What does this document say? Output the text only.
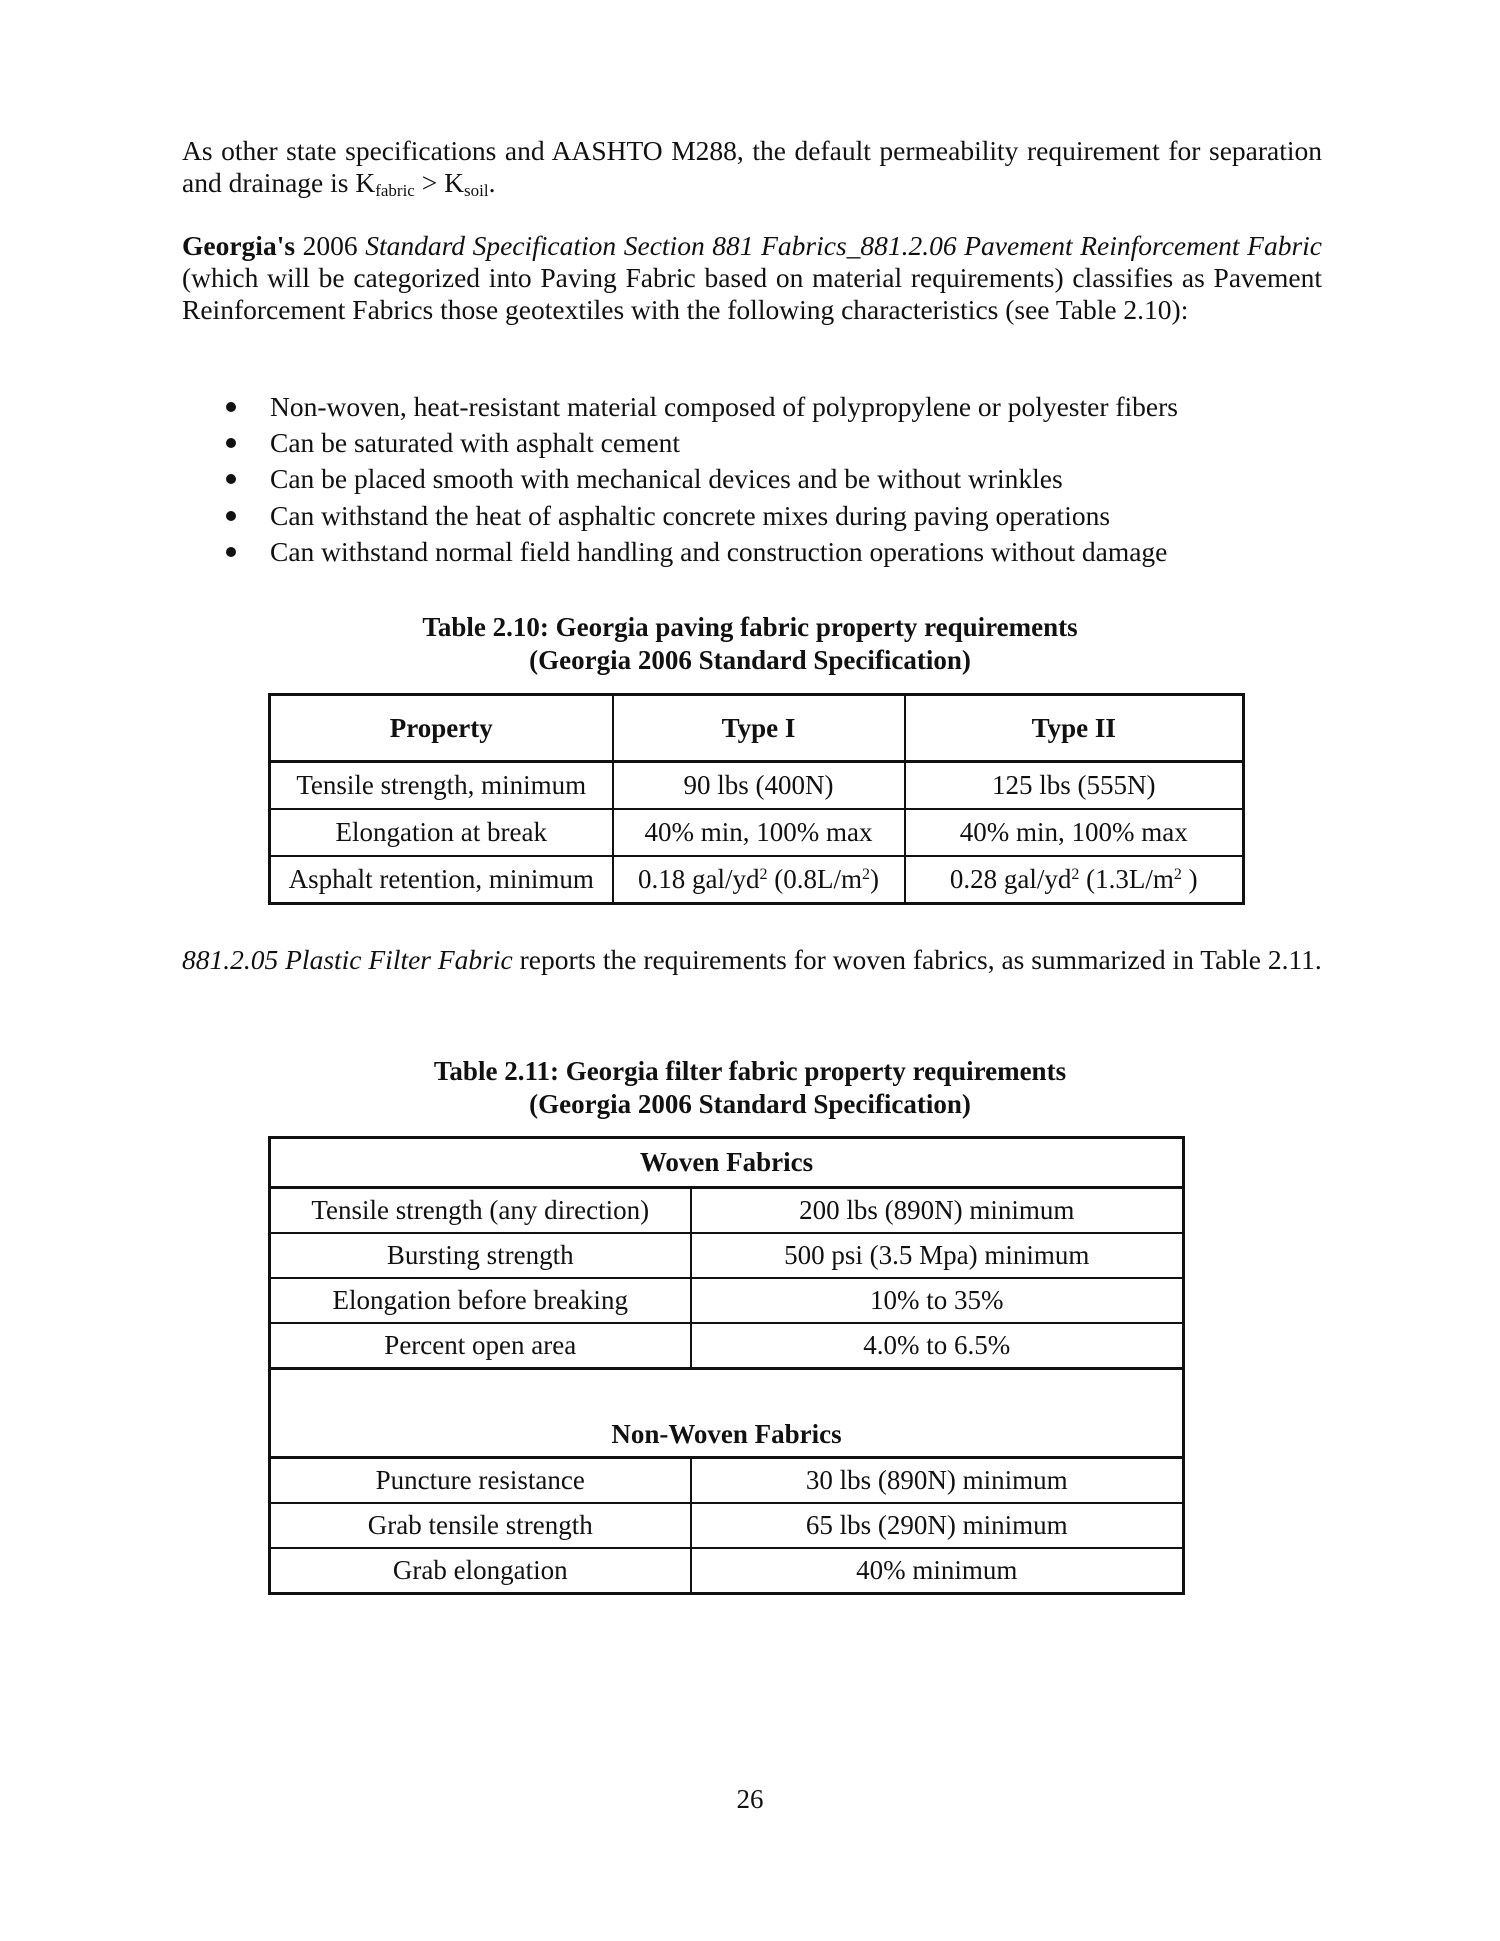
As other state specifications and AASHTO M288, the default permeability requirement for separation and drainage is $K_{fabric} > K_{soil}$.

Georgia's 2006 Standard Specification Section 881 Fabrics_881.2.06 Pavement Reinforcement Fabric (which will be categorized into Paving Fabric based on material requirements) classifies as Pavement Reinforcement Fabrics those geotextiles with the following characteristics (see Table 2.10):

Non-woven, heat-resistant material composed of polypropylene or polyester fibers
Can be saturated with asphalt cement
Can be placed smooth with mechanical devices and be without wrinkles
Can withstand the heat of asphaltic concrete mixes during paving operations
Can withstand normal field handling and construction operations without damage
Table 2.10: Georgia paving fabric property requirements
(Georgia 2006 Standard Specification)
Property	Type I	Type II
Tensile strength, minimum	90 lbs (400N)	125 lbs (555N)
Elongation at break	40% min, 100% max	40% min, 100% max
Asphalt retention, minimum	0.18 gal/$yd^2$ $(0.8L/m^2)$	0.28 gal/$yd^2$ ($1.3L/m^2$ )

881.2.05 Plastic Filter Fabric reports the requirements for woven fabrics, as summarized in Table 2.11.

Table 2.11: Georgia filter fabric property requirements
(Georgia 2006 Standard Specification)
Woven Fabrics	
Tensile strength (any direction)	200 lbs (890N) minimum
Bursting strength	500 psi (3.5 Mpa) minimum
Elongation before breaking	10% to 35%
Percent open area	4.0% to 6.5%
Non-Woven Fabrics	
Puncture resistance	30 lbs (890N) minimum
Grab tensile strength	65 lbs (290N) minimum
Grab elongation	40% minimum
26
